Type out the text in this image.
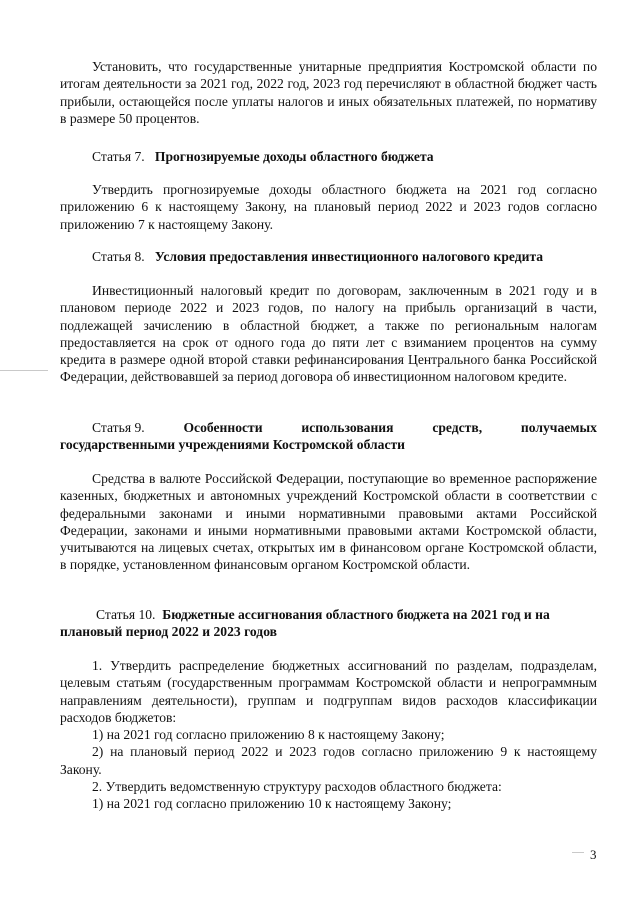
Установить, что государственные унитарные предприятия Костромской области по итогам деятельности за 2021 год, 2022 год, 2023 год перечисляют в областной бюджет часть прибыли, остающейся после уплаты налогов и иных обязательных платежей, по нормативу в размере 50 процентов.

Статья 7. Прогнозируемые доходы областного бюджета

Утвердить прогнозируемые доходы областного бюджета на 2021 год согласно приложению 6 к настоящему Закону, на плановый период 2022 и 2023 годов согласно приложению 7 к настоящему Закону.

Статья 8. Условия предоставления инвестиционного налогового кредита

Инвестиционный налоговый кредит по договорам, заключенным в 2021 году и в плановом периоде 2022 и 2023 годов, по налогу на прибыль организаций в части, подлежащей зачислению в областной бюджет, а также по региональным налогам предоставляется на срок от одного года до пяти лет с взиманием процентов на сумму кредита в размере одной второй ставки рефинансирования Центрального банка Российской Федерации, действовавшей за период договора об инвестиционном налоговом кредите.

Статья 9.	Особенности	использования	средств,	получаемых

государственными учреждениями Костромской области

Средства в валюте Российской Федерации, поступающие во временное распоряжение казенных, бюджетных и автономных учреждений Костромской области в соответствии с федеральными законами и иными нормативными правовыми актами Российской Федерации, законами и иными нормативными правовыми актами Костромской области, учитываются на лицевых счетах, открытых им в финансовом органе Костромской области, в порядке, установленном финансовым органом Костромской области.

Статья 10. Бюджетные ассигнования областного бюджета на 2021 год и на плановый период 2022 и 2023 годов

1. Утвердить распределение бюджетных ассигнований по разделам, подразделам, целевым статьям (государственным программам Костромской области и непрограммным направлениям деятельности), группам и подгруппам видов расходов классификации расходов бюджетов:

1) на 2021 год согласно приложению 8 к настоящему Закону;

2) на плановый период 2022 и 2023 годов согласно приложению 9 к настоящему Закону.

2. Утвердить ведомственную структуру расходов областного бюджета:

1) на 2021 год согласно приложению 10 к настоящему Закону;

3
